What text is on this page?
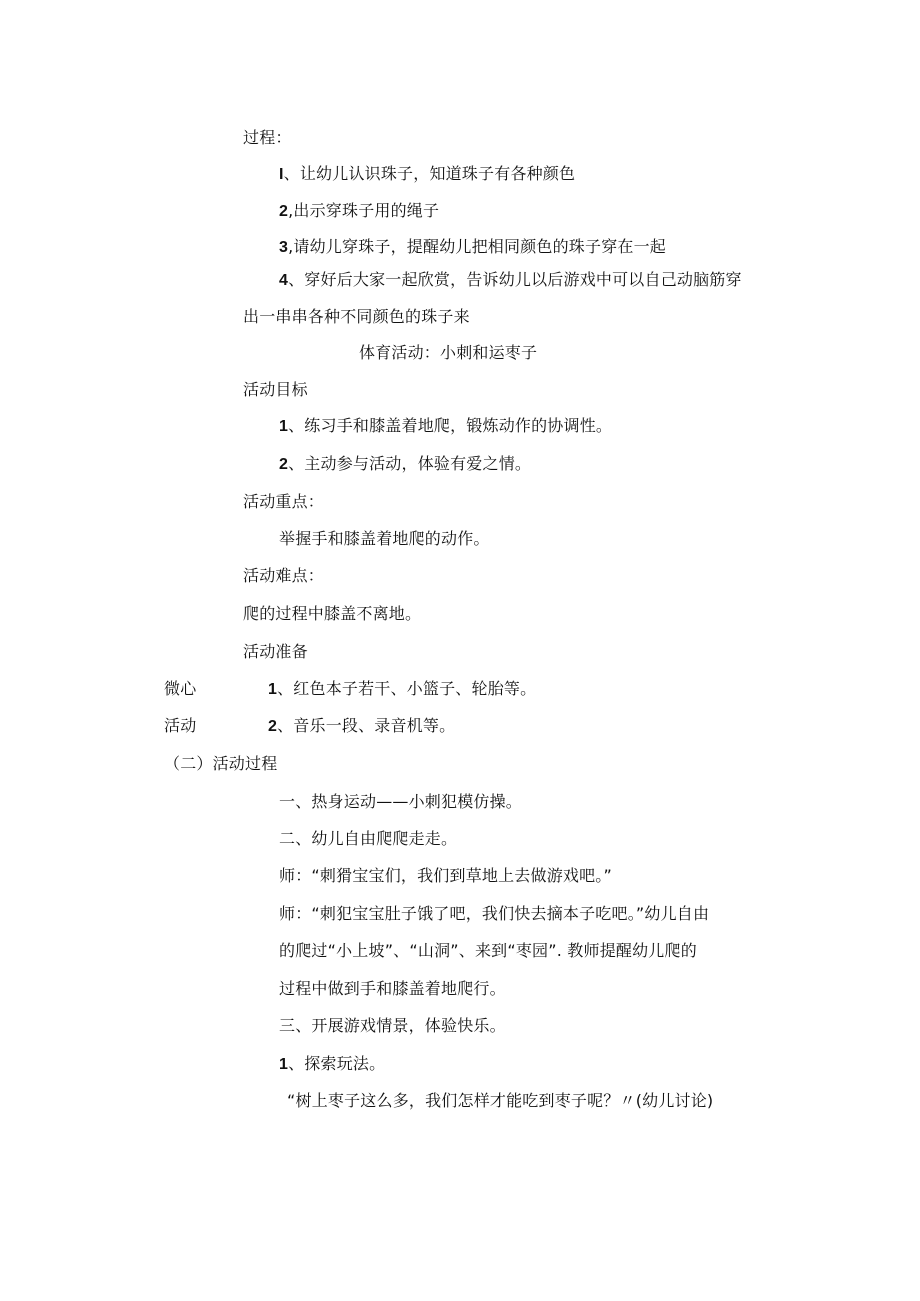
过程：
I、让幼儿认识珠子，知道珠子有各种颜色
2,出示穿珠子用的绳子
3,请幼儿穿珠子，提醒幼儿把相同颜色的珠子穿在一起
4、穿好后大家一起欣赏，告诉幼儿以后游戏中可以自己动脑筋穿
出一串串各种不同颜色的珠子来
体育活动：小刺和运枣子
活动目标
1、练习手和膝盖着地爬，锻炼动作的协调性。
2、主动参与活动，体验有爱之情。
活动重点：
举握手和膝盖着地爬的动作。
活动难点：
爬的过程中膝盖不离地。
活动准备
微心	1、红色本子若干、小篮子、轮胎等。
活动	2、音乐一段、录音机等。
（二）活动过程
一、热身运动——小刺犯模仿操。
二、幼儿自由爬爬走走。
师：“刺猾宝宝们，我们到草地上去做游戏吧。”
师：“刺犯宝宝肚子饿了吧，我们快去摘本子吃吧。”幼儿自由
的爬过“小上坡”、“山洞”、来到“枣园”. 教师提醒幼儿爬的
过程中做到手和膝盖着地爬行。
三、开展游戏情景，体验快乐。
1、探索玩法。
“树上枣子这么多，我们怎样才能吃到枣子呢？〃(幼儿讨论)
